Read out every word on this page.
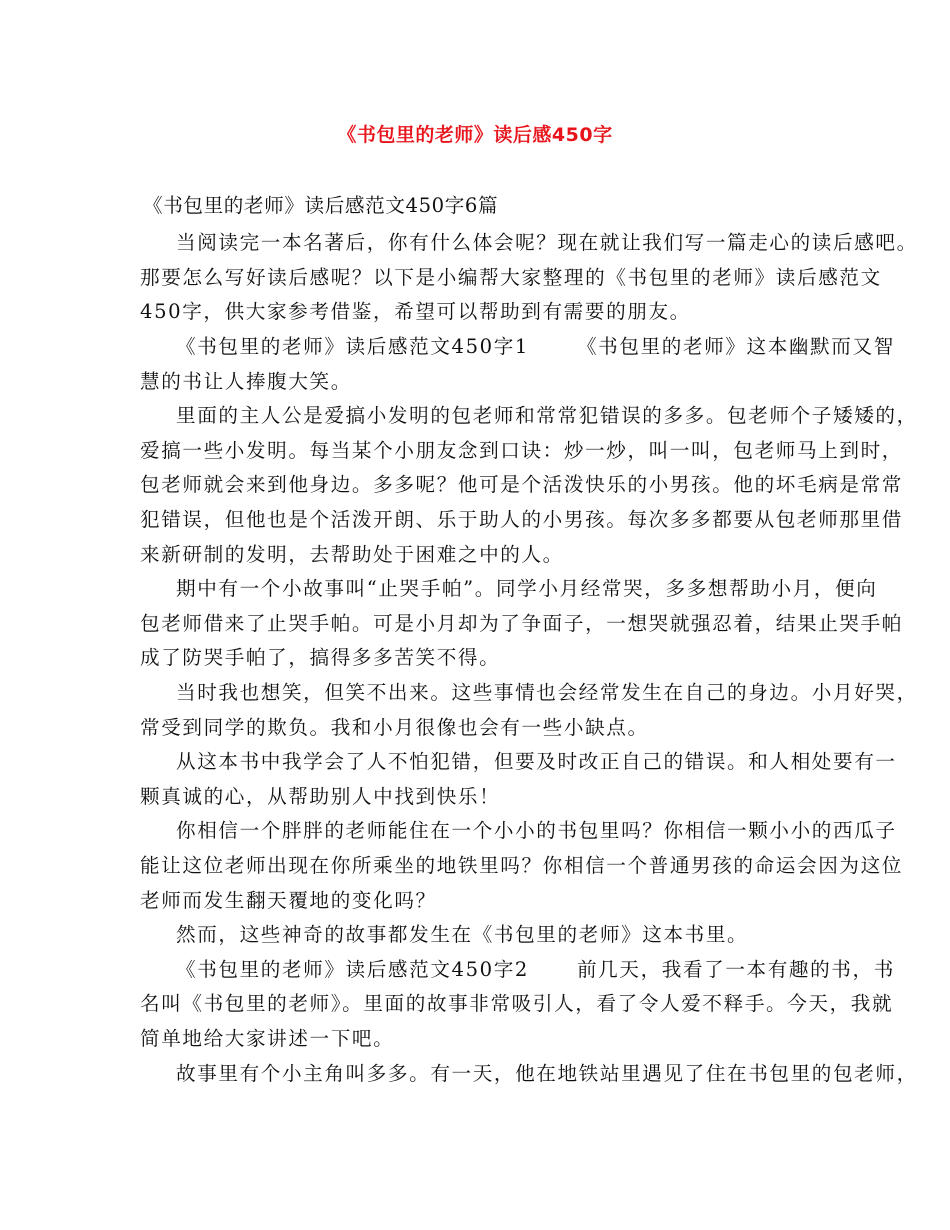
《书包里的老师》读后感450字
《书包里的老师》读后感范文450字6篇
当阅读完一本名著后，你有什么体会呢？现在就让我们写一篇走心的读后感吧。
那要怎么写好读后感呢？以下是小编帮大家整理的《书包里的老师》读后感范文
450字，供大家参考借鉴，希望可以帮助到有需要的朋友。
《书包里的老师》读后感范文450字1 《书包里的老师》这本幽默而又智
慧的书让人捧腹大笑。
里面的主人公是爱搞小发明的包老师和常常犯错误的多多。包老师个子矮矮的，
爱搞一些小发明。每当某个小朋友念到口诀：炒一炒，叫一叫，包老师马上到时，
包老师就会来到他身边。多多呢？他可是个活泼快乐的小男孩。他的坏毛病是常常
犯错误，但他也是个活泼开朗、乐于助人的小男孩。每次多多都要从包老师那里借
来新研制的发明，去帮助处于困难之中的人。
期中有一个小故事叫“止哭手帕”。同学小月经常哭，多多想帮助小月，便向
包老师借来了止哭手帕。可是小月却为了争面子，一想哭就强忍着，结果止哭手帕
成了防哭手帕了，搞得多多苦笑不得。
当时我也想笑，但笑不出来。这些事情也会经常发生在自己的身边。小月好哭，
常受到同学的欺负。我和小月很像也会有一些小缺点。
从这本书中我学会了人不怕犯错，但要及时改正自己的错误。和人相处要有一
颗真诚的心，从帮助别人中找到快乐！
你相信一个胖胖的老师能住在一个小小的书包里吗？你相信一颗小小的西瓜子
能让这位老师出现在你所乘坐的地铁里吗？你相信一个普通男孩的命运会因为这位
老师而发生翻天覆地的变化吗？
然而，这些神奇的故事都发生在《书包里的老师》这本书里。
《书包里的老师》读后感范文450字2 前几天，我看了一本有趣的书，书
名叫《书包里的老师》。里面的故事非常吸引人，看了令人爱不释手。今天，我就
简单地给大家讲述一下吧。
故事里有个小主角叫多多。有一天，他在地铁站里遇见了住在书包里的包老师，
